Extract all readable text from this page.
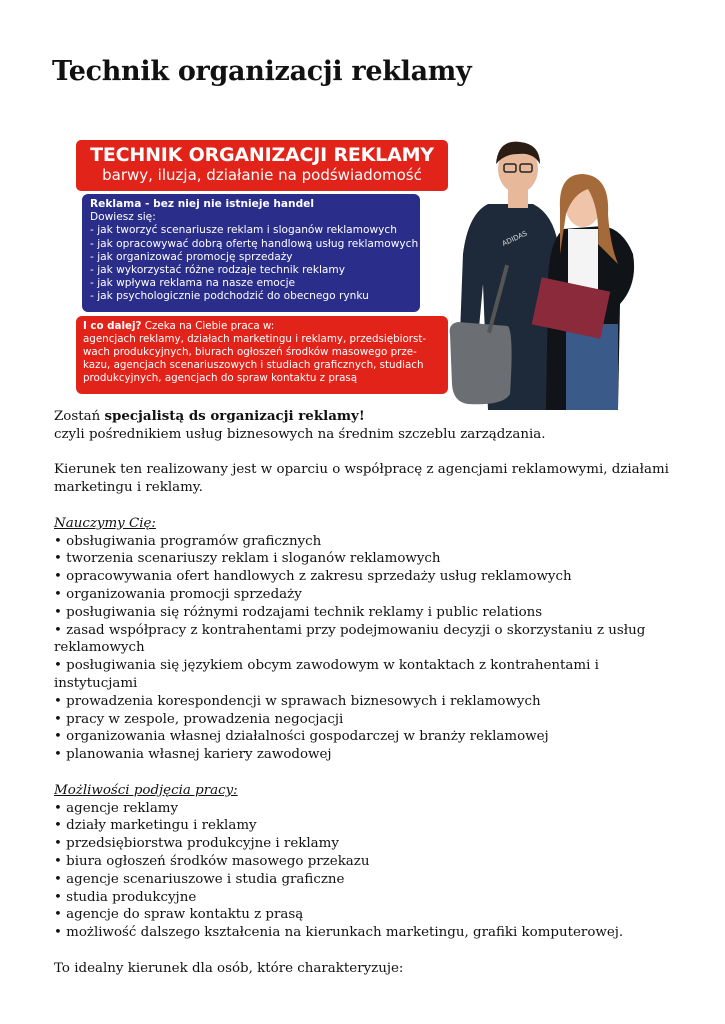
Technik organizacji reklamy
TECHNIK ORGANIZACJI REKLAMY
barwy, iluzja, działanie na podświadomość
Reklama - bez niej nie istnieje handel
Dowiesz się:
- jak tworzyć scenariusze reklam i sloganów reklamowych
- jak opracowywać dobrą ofertę handlową usług reklamowych
- jak organizować promocję sprzedaży
- jak wykorzystać różne rodzaje technik reklamy
- jak wpływa reklama na nasze emocje
- jak psychologicznie podchodzić do obecnego rynku
I co dalej? Czeka na Ciebie praca w:
agencjach reklamy, działach marketingu i reklamy, przedsiębiorst-
wach produkcyjnych, biurach ogłoszeń środków masowego prze-
kazu, agencjach scenariuszowych i studiach graficznych, studiach
produkcyjnych, agencjach do spraw kontaktu z prasą
ADIDAS

Zostań specjalistą ds organizacji reklamy!

czyli pośrednikiem usług biznesowych na średnim szczeblu zarządzania.

Kierunek ten realizowany jest w oparciu o współpracę z agencjami reklamowymi, działami marketingu i reklamy.

Nauczymy Cię:

• obsługiwania programów graficznych

• tworzenia scenariuszy reklam i sloganów reklamowych

• opracowywania ofert handlowych z zakresu sprzedaży usług reklamowych

• organizowania promocji sprzedaży

• posługiwania się różnymi rodzajami technik reklamy i public relations

• zasad współpracy z kontrahentami przy podejmowaniu decyzji o skorzystaniu z usług reklamowych

• posługiwania się językiem obcym zawodowym w kontaktach z kontrahentami i instytucjami

• prowadzenia korespondencji w sprawach biznesowych i reklamowych

• pracy w zespole, prowadzenia negocjacji

• organizowania własnej działalności gospodarczej w branży reklamowej

• planowania własnej kariery zawodowej

Możliwości podjęcia pracy:

• agencje reklamy

• działy marketingu i reklamy

• przedsiębiorstwa produkcyjne i reklamy

• biura ogłoszeń środków masowego przekazu

• agencje scenariuszowe i studia graficzne

• studia produkcyjne

• agencje do spraw kontaktu z prasą

• możliwość dalszego kształcenia na kierunkach marketingu, grafiki komputerowej.

To idealny kierunek dla osób, które charakteryzuje:
